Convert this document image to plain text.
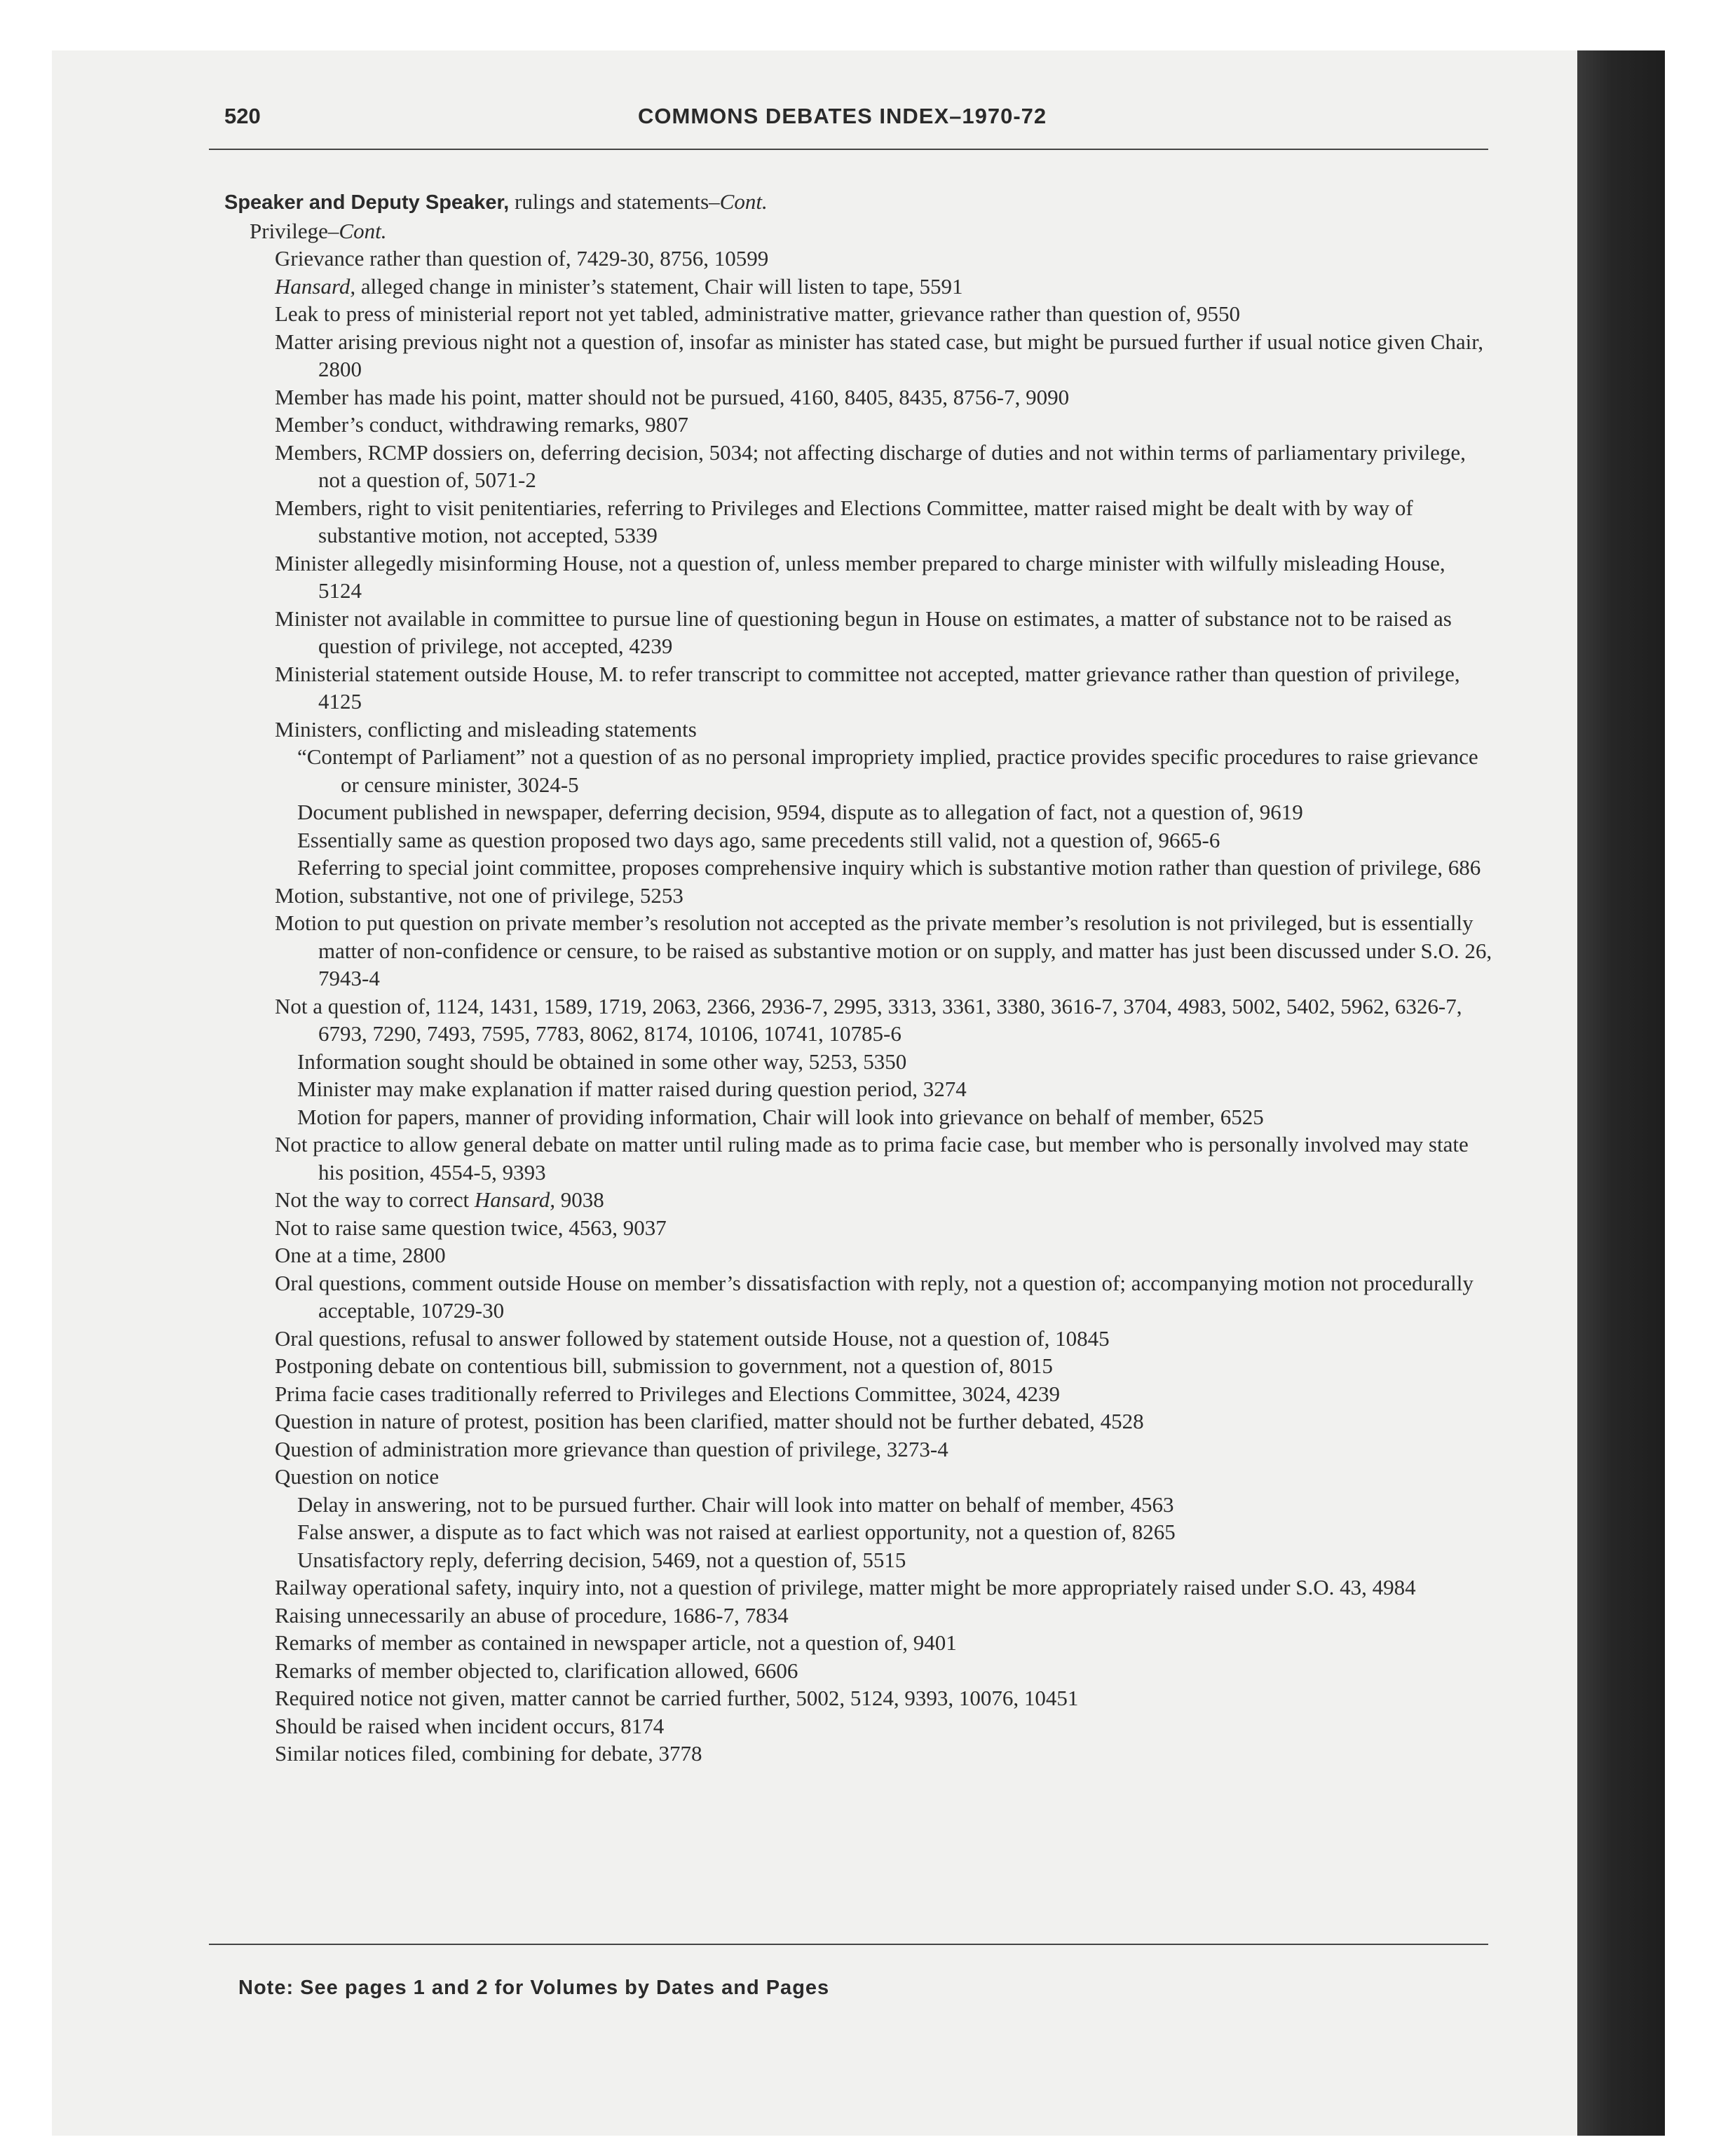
520	COMMONS DEBATES INDEX–1970-72
Speaker and Deputy Speaker, rulings and statements–Cont.
Privilege–Cont.
Grievance rather than question of, 7429-30, 8756, 10599
Hansard, alleged change in minister’s statement, Chair will listen to tape, 5591
Leak to press of ministerial report not yet tabled, administrative matter, grievance rather than question of, 9550
Matter arising previous night not a question of, insofar as minister has stated case, but might be pursued further if usual notice given Chair, 2800
Member has made his point, matter should not be pursued, 4160, 8405, 8435, 8756-7, 9090
Member’s conduct, withdrawing remarks, 9807
Members, RCMP dossiers on, deferring decision, 5034; not affecting discharge of duties and not within terms of parliamentary privilege, not a question of, 5071-2
Members, right to visit penitentiaries, referring to Privileges and Elections Committee, matter raised might be dealt with by way of substantive motion, not accepted, 5339
Minister allegedly misinforming House, not a question of, unless member prepared to charge minister with wilfully misleading House, 5124
Minister not available in committee to pursue line of questioning begun in House on estimates, a matter of substance not to be raised as question of privilege, not accepted, 4239
Ministerial statement outside House, M. to refer transcript to committee not accepted, matter grievance rather than question of privilege, 4125
Ministers, conflicting and misleading statements
“Contempt of Parliament” not a question of as no personal impropriety implied, practice provides specific procedures to raise grievance or censure minister, 3024-5
Document published in newspaper, deferring decision, 9594, dispute as to allegation of fact, not a question of, 9619
Essentially same as question proposed two days ago, same precedents still valid, not a question of, 9665-6
Referring to special joint committee, proposes comprehensive inquiry which is substantive motion rather than question of privilege, 686
Motion, substantive, not one of privilege, 5253
Motion to put question on private member’s resolution not accepted as the private member’s resolution is not privileged, but is essentially matter of non-confidence or censure, to be raised as substantive motion or on supply, and matter has just been discussed under S.O. 26, 7943-4
Not a question of, 1124, 1431, 1589, 1719, 2063, 2366, 2936-7, 2995, 3313, 3361, 3380, 3616-7, 3704, 4983, 5002, 5402, 5962, 6326-7, 6793, 7290, 7493, 7595, 7783, 8062, 8174, 10106, 10741, 10785-6
Information sought should be obtained in some other way, 5253, 5350
Minister may make explanation if matter raised during question period, 3274
Motion for papers, manner of providing information, Chair will look into grievance on behalf of member, 6525
Not practice to allow general debate on matter until ruling made as to prima facie case, but member who is personally involved may state his position, 4554-5, 9393
Not the way to correct Hansard, 9038
Not to raise same question twice, 4563, 9037
One at a time, 2800
Oral questions, comment outside House on member’s dissatisfaction with reply, not a question of; accompanying motion not procedurally acceptable, 10729-30
Oral questions, refusal to answer followed by statement outside House, not a question of, 10845
Postponing debate on contentious bill, submission to government, not a question of, 8015
Prima facie cases traditionally referred to Privileges and Elections Committee, 3024, 4239
Question in nature of protest, position has been clarified, matter should not be further debated, 4528
Question of administration more grievance than question of privilege, 3273-4
Question on notice
Delay in answering, not to be pursued further. Chair will look into matter on behalf of member, 4563
False answer, a dispute as to fact which was not raised at earliest opportunity, not a question of, 8265
Unsatisfactory reply, deferring decision, 5469, not a question of, 5515
Railway operational safety, inquiry into, not a question of privilege, matter might be more appropriately raised under S.O. 43, 4984
Raising unnecessarily an abuse of procedure, 1686-7, 7834
Remarks of member as contained in newspaper article, not a question of, 9401
Remarks of member objected to, clarification allowed, 6606
Required notice not given, matter cannot be carried further, 5002, 5124, 9393, 10076, 10451
Should be raised when incident occurs, 8174
Similar notices filed, combining for debate, 3778
Note: See pages 1 and 2 for Volumes by Dates and Pages
